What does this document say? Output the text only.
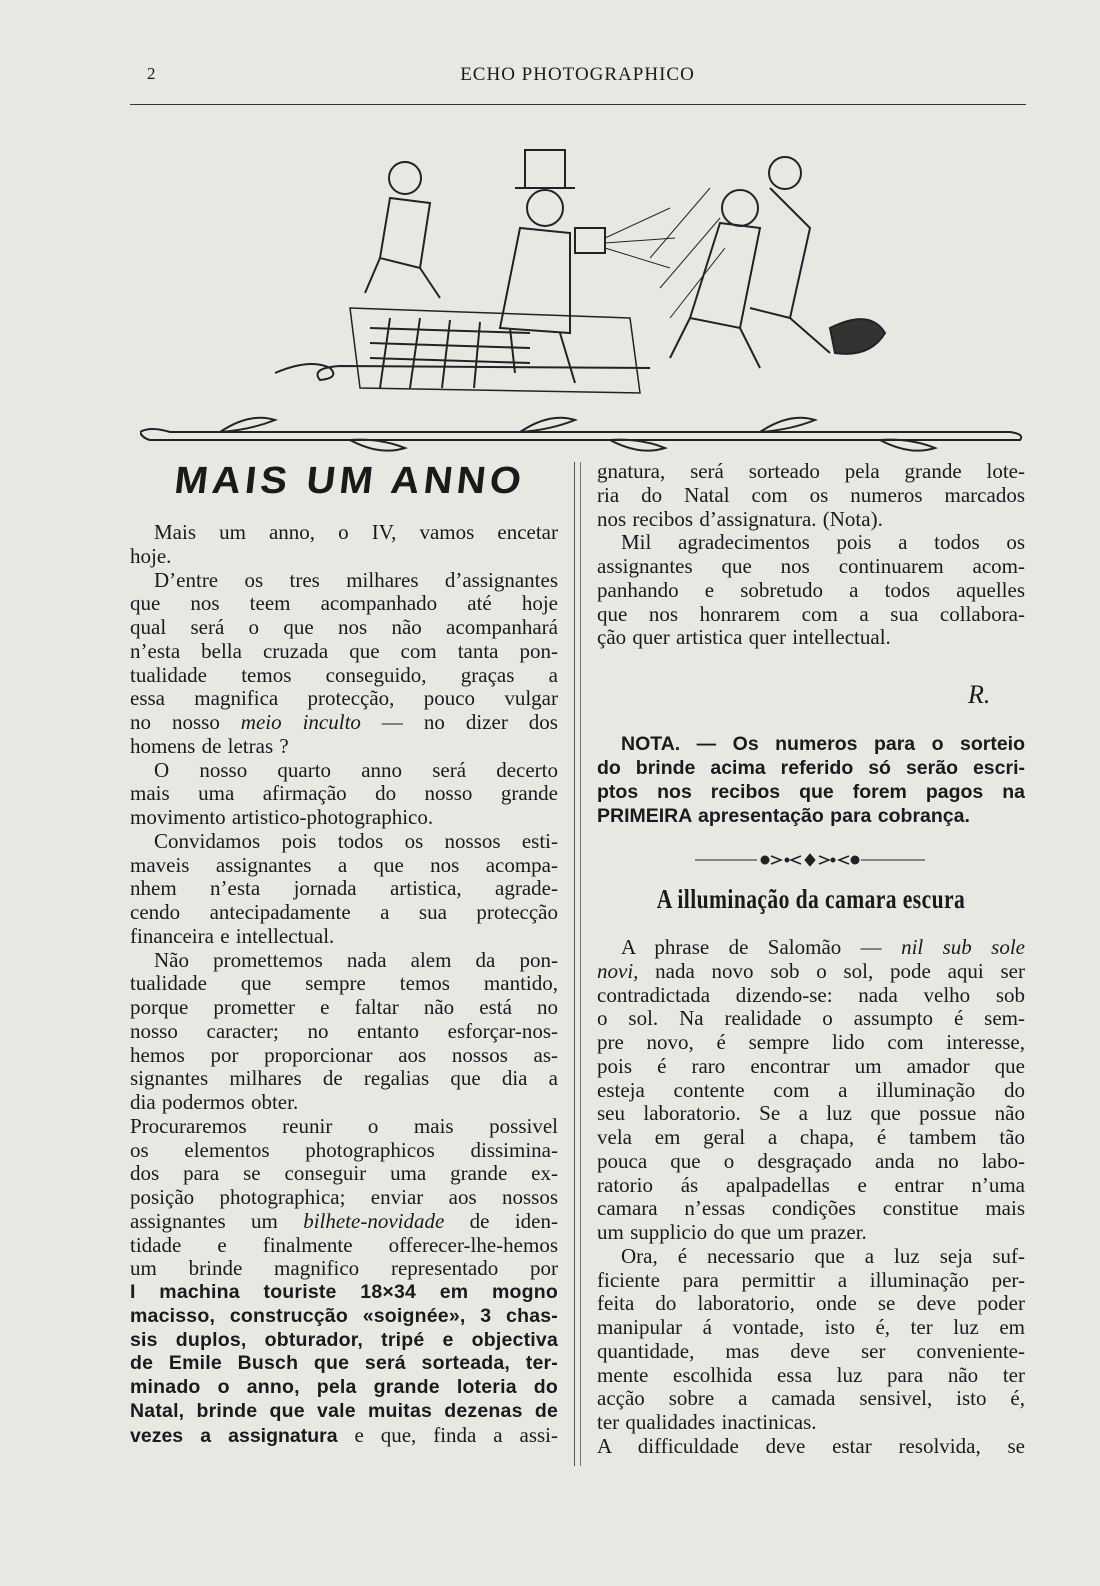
2	ECHO PHOTOGRAPHICO
MAIS UM ANNO
Mais um anno, o IV, vamos encetar
hoje.
D’entre os tres milhares d’assignantes
que nos teem acompanhado até hoje
qual será o que nos não acompanhará
n’esta bella cruzada que com tanta pon-
tualidade temos conseguido, graças a
essa magnifica protecção, pouco vulgar
no nosso meio inculto — no dizer dos
homens de letras ?
O nosso quarto anno será decerto
mais uma afirmação do nosso grande
movimento artistico-photographico.
Convidamos pois todos os nossos esti-
maveis assignantes a que nos acompa-
nhem n’esta jornada artistica, agrade-
cendo antecipadamente a sua protecção
financeira e intellectual.
Não promettemos nada alem da pon-
tualidade que sempre temos mantido,
porque prometter e faltar não está no
nosso caracter; no entanto esforçar-nos-
hemos por proporcionar aos nossos as-
signantes milhares de regalias que dia a
dia podermos obter.
Procuraremos reunir o mais possivel
os elementos photographicos dissimina-
dos para se conseguir uma grande ex-
posição photographica; enviar aos nossos
assignantes um bilhete-novidade de iden-
tidade e finalmente offerecer-lhe-hemos
um brinde magnifico representado por
I machina touriste 18×34 em mogno
macisso, construcção «soignée», 3 chas-
sis duplos, obturador, tripé e objectiva
de Emile Busch que será sorteada, ter-
minado o anno, pela grande loteria do
Natal, brinde que vale muitas dezenas de
vezes a assignatura e que, finda a assi-
gnatura, será sorteado pela grande lote-
ria do Natal com os numeros marcados
nos recibos d’assignatura. (Nota).
Mil agradecimentos pois a todos os
assignantes que nos continuarem acom-
panhando e sobretudo a todos aquelles
que nos honrarem com a sua collabora-
ção quer artistica quer intellectual.
R.
NOTA. — Os numeros para o sorteio
do brinde acima referido só serão escri-
ptos nos recibos que forem pagos na
PRIMEIRA apresentação para cobrança.
A illuminação da camara escura
A phrase de Salomão — nil sub sole
novi, nada novo sob o sol, pode aqui ser
contradictada dizendo-se: nada velho sob
o sol. Na realidade o assumpto é sem-
pre novo, é sempre lido com interesse,
pois é raro encontrar um amador que
esteja contente com a illuminação do
seu laboratorio. Se a luz que possue não
vela em geral a chapa, é tambem tão
pouca que o desgraçado anda no labo-
ratorio ás apalpadellas e entrar n’uma
camara n’essas condições constitue mais
um supplicio do que um prazer.
Ora, é necessario que a luz seja suf-
ficiente para permittir a illuminação per-
feita do laboratorio, onde se deve poder
manipular á vontade, isto é, ter luz em
quantidade, mas deve ser conveniente-
mente escolhida essa luz para não ter
acção sobre a camada sensivel, isto é,
ter qualidades inactinicas.
A difficuldade deve estar resolvida, se
